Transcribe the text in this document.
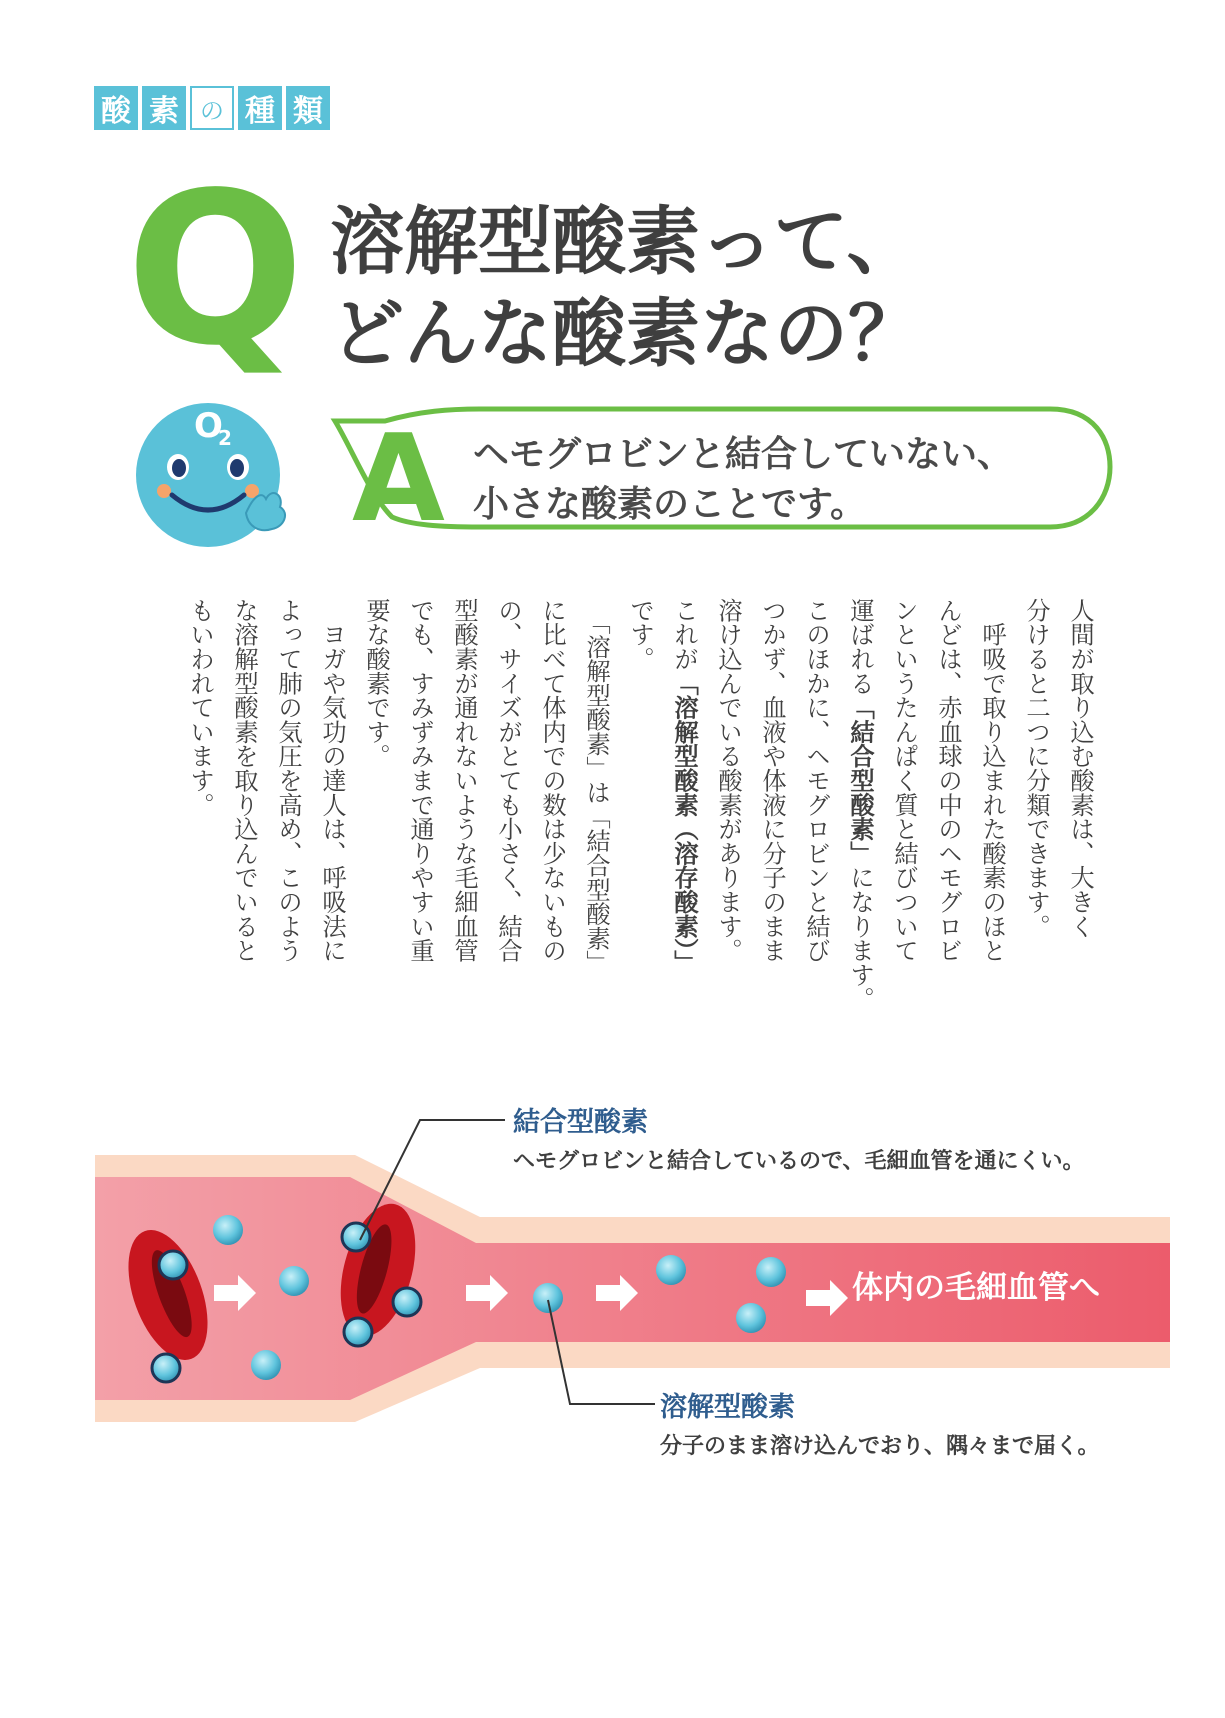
酸 素 の 種 類
Q 溶解型酸素って、
どんな酸素なの？
O
2 A ヘモグロビンと結合していない、
小さな酸素のことです。
人間が取り込む酸素は、大きく
分けると二つに分類できます。
　呼吸で取り込まれた酸素のほと
んどは、赤血球の中のヘモグロビ
ンというたんぱく質と結びついて
運ばれる「結合型酸素」になります。
このほかに、ヘモグロビンと結び
つかず、血液や体液に分子のまま
溶け込んでいる酸素があります。
これが「溶解型酸素（溶存酸素）」
です。
　「溶解型酸素」は「結合型酸素」
に比べて体内での数は少ないもの
の、サイズがとても小さく、結合
型酸素が通れないような毛細血管
でも、すみずみまで通りやすい重
要な酸素です。
　ヨガや気功の達人は、呼吸法に
よって肺の気圧を高め、このよう
な溶解型酸素を取り込んでいると
もいわれています。
結合型酸素
ヘモグロビンと結合しているので、毛細血管を通にくい。
体内の毛細血管へ
溶解型酸素
分子のまま溶け込んでおり、隅々まで届く。
